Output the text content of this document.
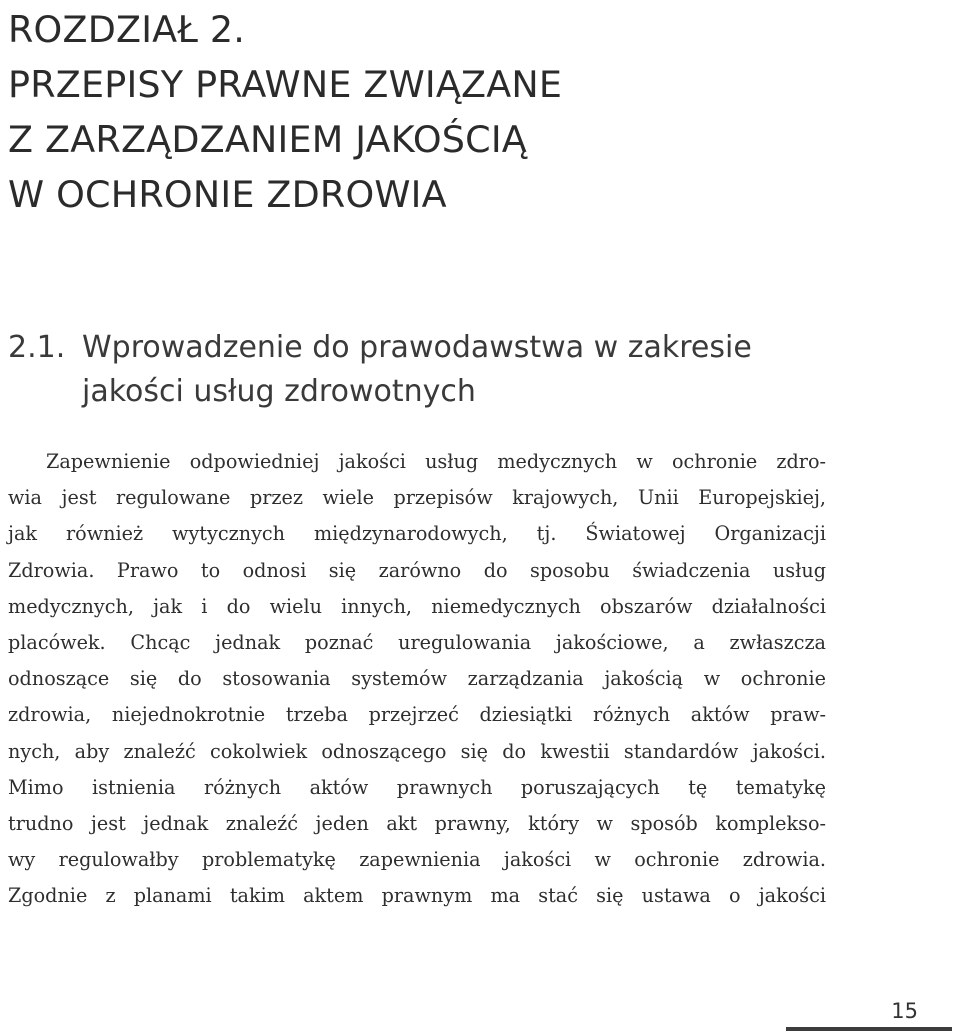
ROZDZIAŁ 2.
PRZEPISY PRAWNE ZWIĄZANE
Z ZARZĄDZANIEM JAKOŚCIĄ
W OCHRONIE ZDROWIA
2.1. Wprowadzenie do prawodawstwa w zakresie
jakości usług zdrowotnych

Zapewnienie odpowiedniej jakości usług medycznych w ochronie zdro-
wia jest regulowane przez wiele przepisów krajowych, Unii Europejskiej,
jak również wytycznych międzynarodowych, tj. Światowej Organizacji
Zdrowia. Prawo to odnosi się zarówno do sposobu świadczenia usług
medycznych, jak i do wielu innych, niemedycznych obszarów działalności
placówek. Chcąc jednak poznać uregulowania jakościowe, a zwłaszcza
odnoszące się do stosowania systemów zarządzania jakością w ochronie
zdrowia, niejednokrotnie trzeba przejrzeć dziesiątki różnych aktów praw-
nych, aby znaleźć cokolwiek odnoszącego się do kwestii standardów jakości.
Mimo istnienia różnych aktów prawnych poruszających tę tematykę
trudno jest jednak znaleźć jeden akt prawny, który w sposób komplekso-
wy regulowałby problematykę zapewnienia jakości w ochronie zdrowia.
Zgodnie z planami takim aktem prawnym ma stać się ustawa o jakości

15
